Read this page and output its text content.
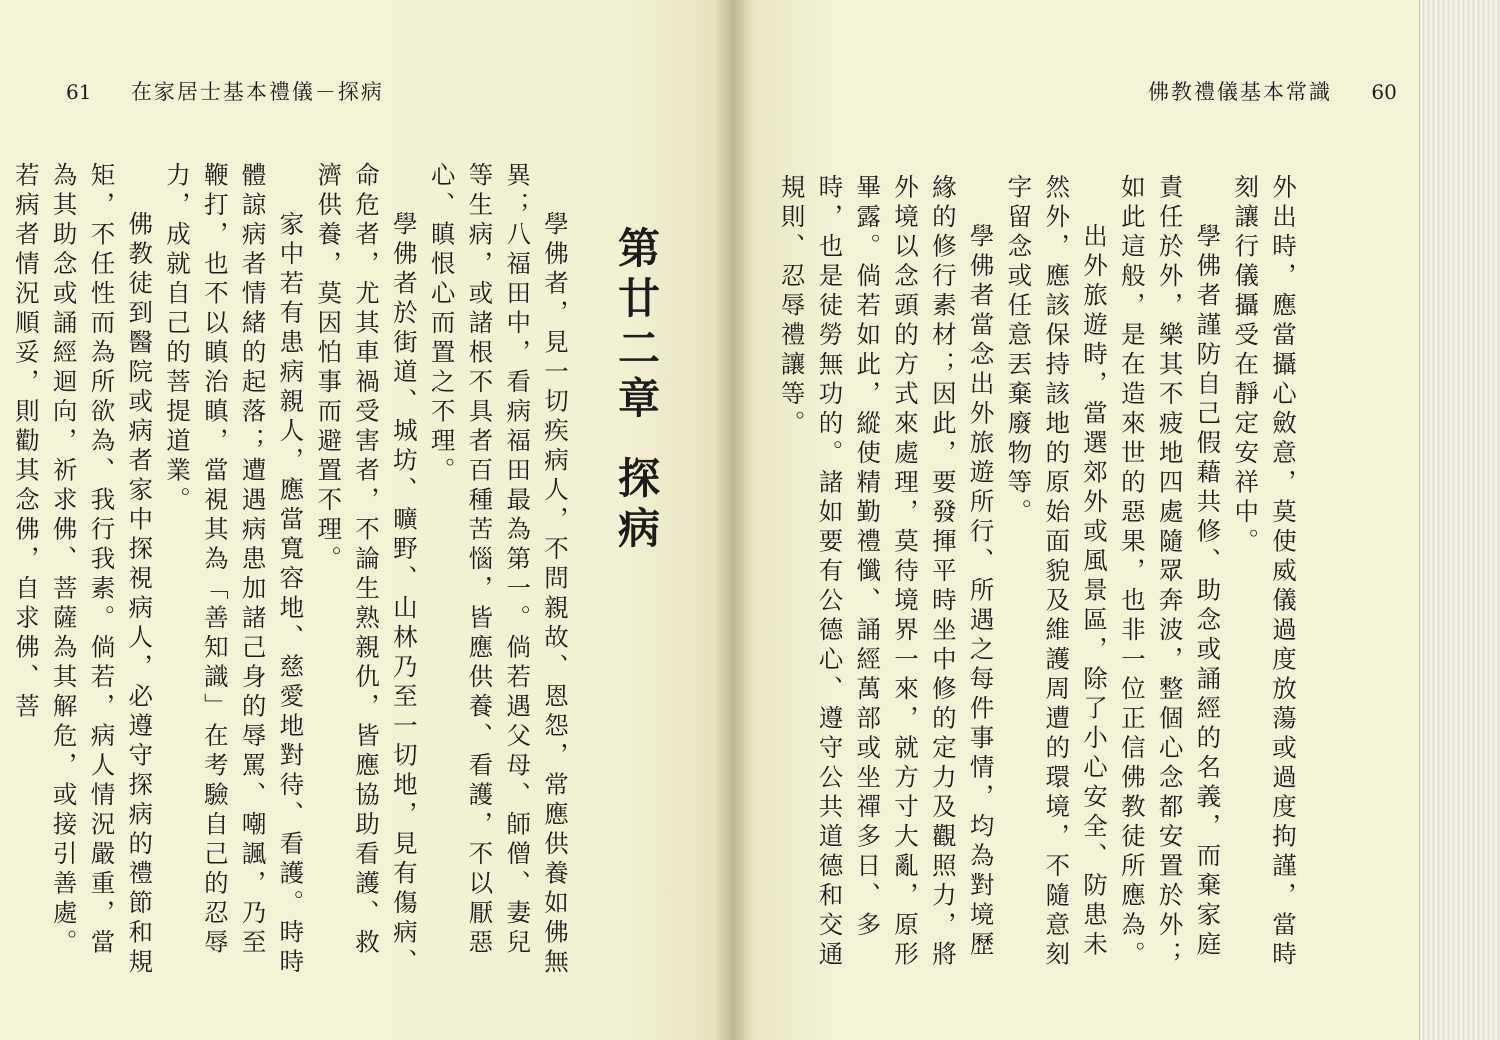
61 在家居士基本禮儀－探病	佛教禮儀基本常識 60
第廿二章探病

學佛者，見一切疾病人，不問親故、恩怨，常應供養如佛無異；八福田中，看病福田最為第一。倘若遇父母、師僧、妻兒等生病，或諸根不具者百種苦惱，皆應供養、看護，不以厭惡心、瞋恨心而置之不理。

學佛者於街道、城坊、曠野、山林乃至一切地，見有傷病、命危者，尤其車禍受害者，不論生熟親仇，皆應協助看護、救濟供養，莫因怕事而避置不理。

家中若有患病親人，應當寬容地、慈愛地對待、看護。時時體諒病者情緒的起落；遭遇病患加諸己身的辱罵、嘲諷，乃至鞭打，也不以瞋治瞋，當視其為「善知識」在考驗自己的忍辱力，成就自己的菩提道業。

佛教徒到醫院或病者家中探視病人，必遵守探病的禮節和規矩，不任性而為所欲為、我行我素。倘若，病人情況嚴重，當為其助念或誦經迴向，祈求佛、菩薩為其解危，或接引善處。若病者情況順妥，則勸其念佛，自求佛、菩	外出時，應當攝心斂意，莫使威儀過度放蕩或過度拘謹，當時刻讓行儀攝受在靜定安祥中。

學佛者謹防自己假藉共修、助念或誦經的名義，而棄家庭責任於外，樂其不疲地四處隨眾奔波，整個心念都安置於外；如此這般，是在造來世的惡果，也非一位正信佛教徒所應為。

出外旅遊時，當選郊外或風景區，除了小心安全、防患未然外，應該保持該地的原始面貌及維護周遭的環境，不隨意刻字留念或任意丟棄廢物等。

學佛者當念出外旅遊所行、所遇之每件事情，均為對境歷緣的修行素材；因此，要發揮平時坐中修的定力及觀照力，將外境以念頭的方式來處理，莫待境界一來，就方寸大亂，原形畢露。倘若如此，縱使精勤禮懺、誦經萬部或坐禪多日、多時，也是徒勞無功的。諸如要有公德心、遵守公共道德和交通規則、忍辱禮讓等。
